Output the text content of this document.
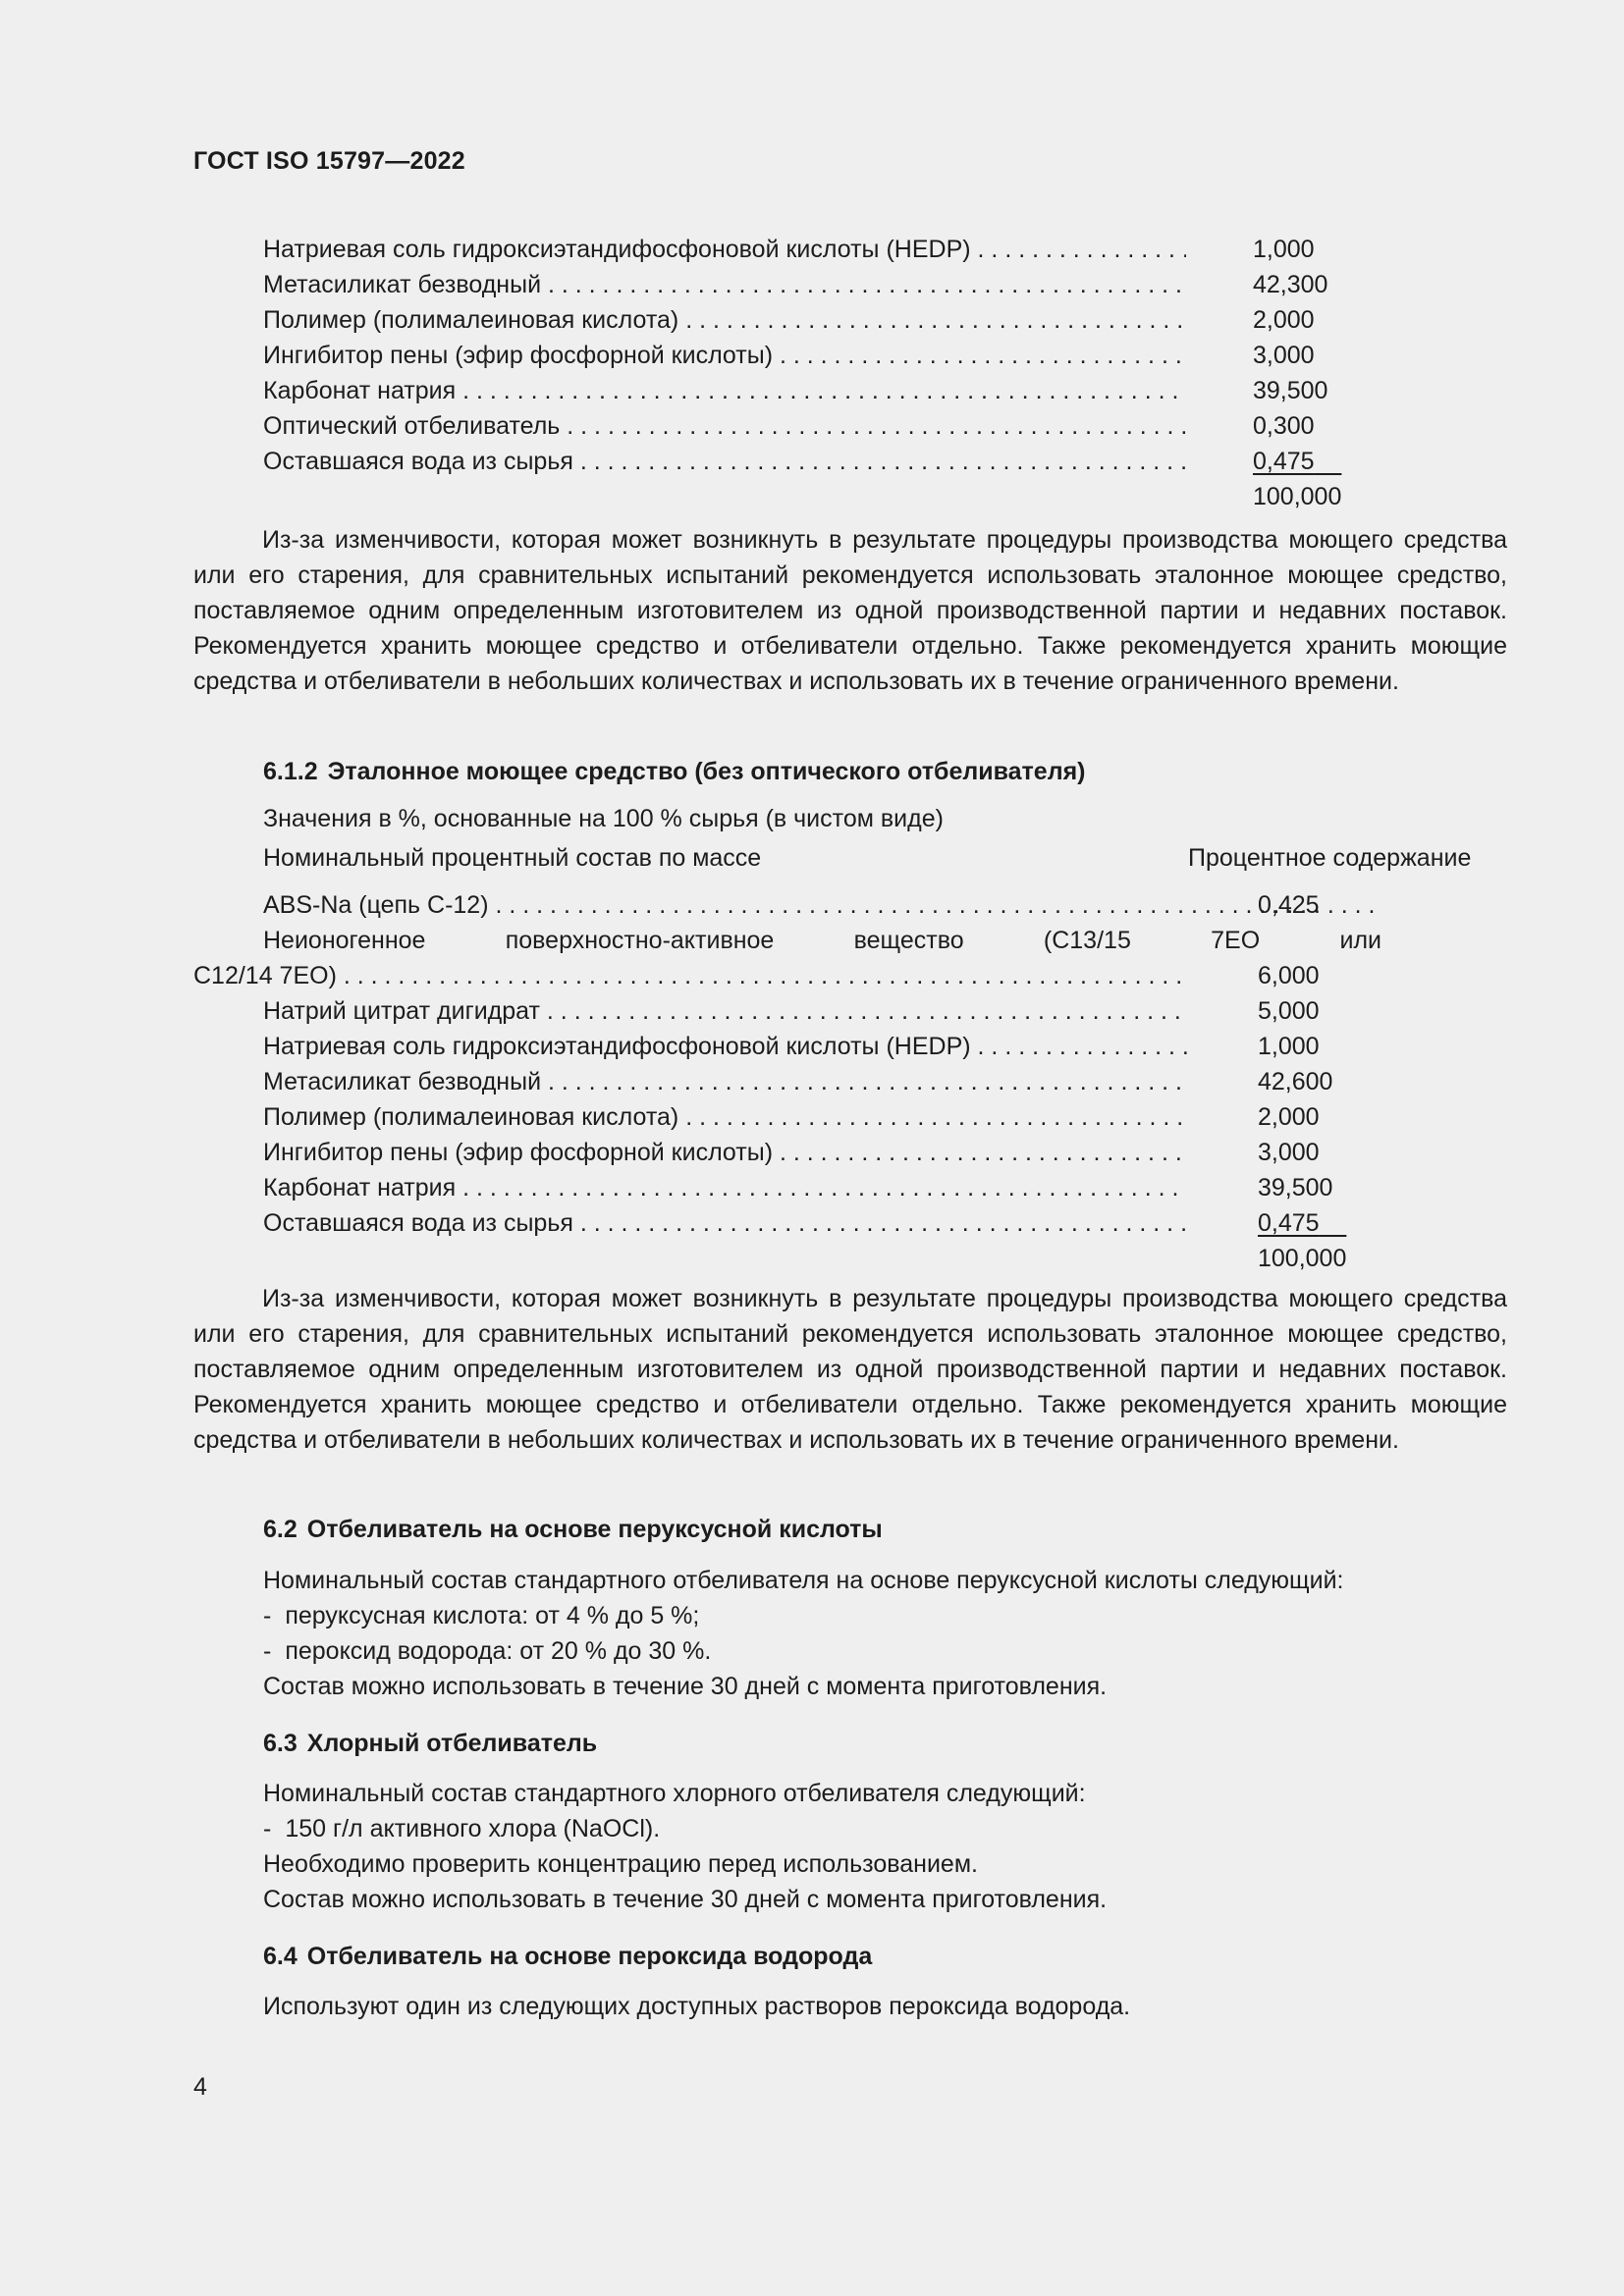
ГОСТ ISO 15797—2022
Натриевая соль гидроксиэтандифосфоновой кислоты (HEDP) . . .	1,000
Метасиликат безводный . . .	42,300
Полимер (полималеиновая кислота) . . .	2,000
Ингибитор пены (эфир фосфорной кислоты) . . .	3,000
Карбонат натрия . . .	39,500
Оптический отбеливатель . . .	0,300
Оставшаяся вода из сырья . . .	0,475
100,000

Из-за изменчивости, которая может возникнуть в результате процедуры производства моющего средства или его старения, для сравнительных испытаний рекомендуется использовать эталонное моющее средство, поставляемое одним определенным изготовителем из одной производственной партии и недавних поставок. Рекомендуется хранить моющее средство и отбеливатели отдельно. Также рекомендуется хранить моющие средства и отбеливатели в небольших количествах и использовать их в течение ограниченного времени.

6.1.2 Эталонное моющее средство (без оптического отбеливателя)
Значения в %, основанные на 100 % сырья (в чистом виде)
Номинальный процентный состав по массе	Процентное содержание
ABS-Na (цепь С-12) . . .	0,425
Неионогенное поверхностно-активное вещество (С13/15 7ЕО или
С12/14 7ЕО) . . .	6,000
Натрий цитрат дигидрат . . .	5,000
Натриевая соль гидроксиэтандифосфоновой кислоты (HEDP) . . .	1,000
Метасиликат безводный . . .	42,600
Полимер (полималеиновая кислота) . . .	2,000
Ингибитор пены (эфир фосфорной кислоты) . . .	3,000
Карбонат натрия . . .	39,500
Оставшаяся вода из сырья . . .	0,475
100,000

Из-за изменчивости, которая может возникнуть в результате процедуры производства моющего средства или его старения, для сравнительных испытаний рекомендуется использовать эталонное моющее средство, поставляемое одним определенным изготовителем из одной производственной партии и недавних поставок. Рекомендуется хранить моющее средство и отбеливатели отдельно. Также рекомендуется хранить моющие средства и отбеливатели в небольших количествах и использовать их в течение ограниченного времени.

6.2 Отбеливатель на основе перуксусной кислоты
Номинальный состав стандартного отбеливателя на основе перуксусной кислоты следующий:
- перуксусная кислота: от 4 % до 5 %;
- пероксид водорода: от 20 % до 30 %.
Состав можно использовать в течение 30 дней с момента приготовления.
6.3 Хлорный отбеливатель
Номинальный состав стандартного хлорного отбеливателя следующий:
- 150 г/л активного хлора (NaOCl).
Необходимо проверить концентрацию перед использованием.
Состав можно использовать в течение 30 дней с момента приготовления.
6.4 Отбеливатель на основе пероксида водорода
Используют один из следующих доступных растворов пероксида водорода.
4
